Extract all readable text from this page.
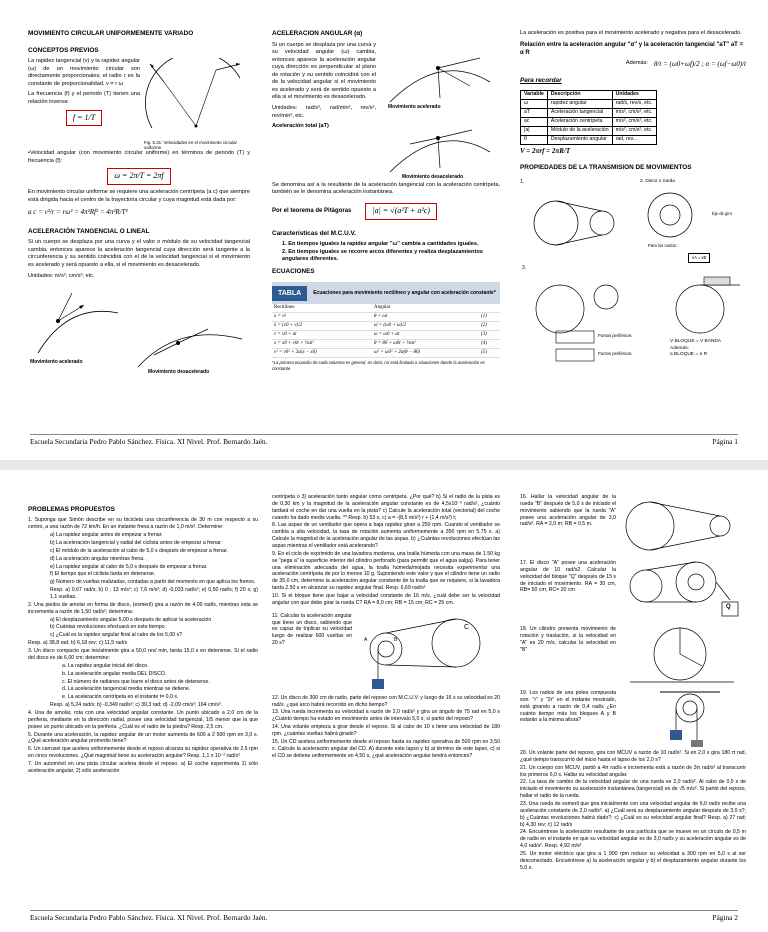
MOVIMIENTO CIRCULAR UNIFORMEMENTE VARIADO
CONCEPTOS PREVIOS
La rapidez tangencial (v) y la rapidez angular (ω) de un movimiento circular son directamente proporcionales; el radio r es la constante de proporcionalidad. v = r ω
La frecuencia (f) y el periodo (T) tienen una relación inversa:
f = 1/T
Fig. 5.21: Velocidades en el movimiento circular uniforme.
•Velocidad angular (con movimiento circular uniforme) en términos de periodo (T) y frecuencia (f):
ω = 2π/T = 2πf
En movimiento circular uniforme se requiere una aceleración centrípeta (a c) que siempre está dirigida hacia el centro de la trayectoria circular y cuya magnitud está dada por:
a c = v²/r = rω² = 4π²Rf² = 4π²R/T²
ACELERACIÓN TANGENCIAL O LINEAL
Si un cuerpo se desplaza por una curva y el valor o módulo de su velocidad tangencial cambia, entonces aparece la aceleración tangencial cuya dirección será tangente a la circunferencia y su sentido coincidirá con el de la velocidad tangencial si el movimiento es acelerado y será opuesto a ella, si el movimiento es desacelerado.
Unidades: m/s²; cm/s²; etc.
Movimiento acelerado
Movimiento desacelerado
ACELERACION ANGULAR (α)
Si un cuerpo se desplaza por una curva y su velocidad angular (ω) cambia, entonces aparece la aceleración angular cuya dirección es perpendicular al plano de rotación y su sentido coincidirá con el de la velocidad angular si el movimiento es acelerado y será de sentido opuesto a ella si el movimiento es desacelerado.
Unidades: rad/s², rad/min², rev/s², rev/min², etc.
Aceleración total (aT)
Movimiento acelerado
Movimiento desacelerado
Se denomina así a la resultante de la aceleración tangencial con la aceleración centrípeta, también se le denomina aceleración instantánea.
Por el teorema de Pitágoras	|a| = √(a²T + a²c)
Características del M.C.U.V.
1. En tiempos iguales la rapidez angular "ω" cambia a cantidades iguales.
2. En tiempos iguales se recorre arcos diferentes y realiza desplazamientos angulares diferentes.
ECUACIONES
TABLA	Ecuaciones para movimiento rectilíneo y angular con aceleración constante*
Rectilíneo	Angular	
x = vt	θ = ωt	(1)
x̄ = (v0 + v)/2	ω̄ = (ω0 + ω)/2	(2)
v = v0 + at	ω = ω0 + αt	(3)
x = x0 + v0t + ½at²	θ = θ0 + ω0t + ½αt²	(4)
v² = v0² + 2a(x − x0)	ω² = ω0² + 2α(θ − θ0)	(5)
*La primera ecuación de cada columna es general, es decir, no está limitada a situaciones donde la aceleración es constante.
La aceleración es positiva para el movimiento acelerado y negativa para el desacelerado.
Relación entre la aceleración angular "α" y la aceleración tangencial "aT" aT = α R
Además: θ/t = (ω0+ωf)/2 ; α = (ωf−ω0)/t
Para recordar
Variable	Descripción	Unidades
ω	rapidez angular	rad/s, rev/s, etc.
aT	Aceleración tangencial	m/s², cm/s², etc.
ac	Aceleración centrípeta	m/s², cm/s², etc.
|a|	Módulo de la aceleración	m/s², cm/s², etc.
θ	Desplazamiento angular	rad, rev...
V = 2πrf = 2πR/T
PROPIEDADES DE LA TRANSMISION DE MOVIMIENTOS
1.	2. Disco o rueda
Eje de giro
Para los nodos :
vA = vB
3.
Puntos periféricos
Puntos periféricos
V BLOQUE = V BANDA
Además:
a BLOQUE = α R
Escuela Secundaria Pedro Pablo Sánchez. Física. XI Nivel. Prof. Bernardo Jaén.	Página 1
PROBLEMAS PROPUESTOS
1. Suponga que Simón describe en su bicicleta una circunferencia de 30 m con respecto a su centro, a una razón de 72 km/h. En un instante frena a razón de 1,0 m/s². Determine:
a) La rapidez angular antes de empezar a frenar.
b) La aceleración tangencial y radial del ciclista antes de empezar a frenar.
c) El módulo de la aceleración al cabo de 5,0 s después de empezar a frenar.
d) La aceleración angular mientras frena.
e) La rapidez angular al cabo de 5,0 s después de empezar a frenar.
f) El tiempo que el ciclista tarda en detenerse.
g) Número de vueltas realizadas, contadas a partir del momento en que aplica los frenos.
Resp. a) 0,67 rad/s; b) 0 ; 13 m/s²; c) 7,6 m/s²; d) -0,033 rad/s²; e) 0,50 rad/s; f) 20 s; g) 1,1 vueltas.
2. Una piedra de amolar en forma de disco, (esmeril) gira a razón de 4,00 rad/s, mientras esta se incrementa a razón de 1,50 rad/s²; determina:
a) El desplazamiento angular 5,00 s después de aplicar la aceleración
b) Cuántas revoluciones efectuará en este tiempo.
c) ¿Cuál es la rapidez angular final al cabo de los 5,00 s?
Resp. a) 38,8 rad; b) 6,18 rev; c) 11,5 rad/s
3. Un disco compacto que inicialmente gira a 50,0 rev/ min, tarda 15,0 s en detenerse. Si el radio del disco es de 6,00 cm; determine:
a. La rapidez angular inicial del disco.
b. La aceleración angular media DEL DISCO.
c. El número de radianes que barre el disco antes de detenerse.
d. La aceleración tangencial media mientras se detiene.
e. La aceleración centrípeta en el instante t= 0,0 s.
Resp. a) 5,24 rad/s; b) -0,349 rad/s²; c) 39,3 rad; d) -2,09 cm/s²; 164 cm/s².
4. Una de amolar, rota con una velocidad angular constante. Un punto ubicado a 2,0 cm de la periferia, mediante en la dirección radial, posee una velocidad tangencial, 1/5 menor que la que posee un punto ubicado en la periferia. ¿Cuál es el radio de la piedra? Resp. 2,5 cm.
5. Durante una aceleración, la rapidez angular de un motor aumenta de 600 a 2 500 rpm en 3,0 s. ¿Qué aceleración angular promedio tiene?
6. Un carrusel que acelera uniformemente desde el reposo alcanza su rapidez operativa de 2.5 rpm en cinco revoluciones. ¿Qué magnitud tiene su aceleración angular? Resp. 1,1 x 10⁻² rad/s²
7. Un automóvil en una pista circular acelera desde el reposo. a) El coche experimenta 1) sólo aceleración angular, 2) sólo aceleración
centrípeta o 3) aceleración tanto angular como centrípeta. ¿Por qué? b) Si el radio de la pista es de 0,30 km y la magnitud de la aceleración angular constante es de 4,5x10⁻³ rad/s², ¿cuánto tardará el coche en dar una vuelta en la pista? c) Calcule la aceleración total (vectorial) del coche cuando ha dado media vuelta. ** Resp. b) 53 s, c) a = -(8,5 m/s²) r + (1,4 m/s²) t;
8. Las aspas de un ventilador que opera a baja rapidez giran a 250 rpm. Cuando el ventilador se cambia a alta velocidad, la tasa de rotación aumenta uniformemente a 350 rpm en 5.75 s. a) Calcule la magnitud de la aceleración angular de las aspas. b) ¿Cuántas revoluciones efectúan las aspas mientras el ventilador está acelerando?
9. En el ciclo de exprimido de una lavadora moderna, una toalla húmeda con una masa de 1.50 kg se "pega a" la superficie interior del cilindro perforado (para permitir que el agua salga). Para tener una eliminación adecuada del agua, la toalla húmeda/mojada necesita experimentar una aceleración centrípeta de por lo menos 10 g. Suponiendo este valor y que el cilindro tiene un radio de 35,0 cm, determine la aceleración angular constante de la toalla que se requiere, si la lavadora tarda 2.50 s en alcanzar su rapidez angular final. Resp. 6,69 rad/s²
10. Si el bloque tiene que bajar a velocidad constante de 16 m/s, ¿cuál debe ser la velocidad angular con que debe girar la rueda C? RA = 8,0 cm; RB = 15 cm; RC = 25 cm.
11. Calcular la aceleración angular que tiene un disco, sabiendo que es capaz de triplicar su velocidad luego de realizar 600 vueltas en 20 s?
A	B
C
12. Un disco de 300 cm de radio, parte del reposo con M.C.U.V. y luego de 16 s su velocidad es 20 rad/s. ¿qué arco habrá recorrido en dicho tiempo?
13. Una rueda incrementa su velocidad a razón de 2,0 rad/s² y gira un ángulo de 75 rad en 5,0 s ¿Cuánto tiempo ha estado en movimiento antes de intervalo 5,0 s; si partió del reposo?
14. Una volante empieza a girar desde el reposo. Si al cabo de 10 s tiene una velocidad de 180 rpm. ¿cuántas vueltas habrá girado?
15. Un CD acelera uniformemente desde el reposo hasta su rapidez operativa de 500 rpm en 3,50 s. Calcule la aceleración angular del CD. A) durante este lapso y b) al término de este lapso, c) si el CD se detiene uniformemente en 4,50 s, ¿qué aceleración angular tendrá entonces?
16. Hallar la velocidad angular de la rueda "B" después de 5,0 s de iniciado el movimiento sabiendo que la rueda "A" posee una aceleración angular de 3,0 rad/s². RA = 2,0 m; RB = 0,5 m.
17. El disco "A" posee una aceleración angular de 10 rad/s2. Calcular la velocidad del bloque "Q" después de 15 s de iniciado el movimiento. RA = 30 cm, RB= 50 cm; RC= 20 cm
Q
18. Un cilindro presenta movimiento de rotación y traslación, si la velocidad en "A" es 20 m/s, calcular la velocidad en "B"
19. Los radios de una polea compuesta son: "r" y "2r" en el instante mostrado, está girando a razón de 0,4 rad/s ¿En cuánto tiempo más los bloques A y B estarán a la misma altura?
20. Un volante parte del reposo, gira con MCUV a razón de 10 rad/s². Si en 2,0 s gira 180 π rad, ¿qué tiempo transcurrió del inicio hasta el lapso de los 2,0 s?
21. Un cuerpo con MCUV, partió a 4π rad/s e incrementa está a razón de 3π rad/s² al transcurrir los primeros 6,0 s. Hallar su velocidad angular.
22. La tasa de cambio de la velocidad angular de una rueda es 2,0 rad/s². Al cabo de 0,5 s de iniciado el movimiento su aceleración instantánea (tangencial) es de √5 m/s². Si partió del reposo, hallar el radio de la rueda.
23. Una rueda de esmeril que gira inicialmente con una velocidad angular de 6,0 rad/s recibe una aceleración constante de 2,0 rad/s². a) ¿Cuál será su desplazamiento angular después de 3,0 s?; b) ¿Cuántas revoluciones habrá dado?; c) ¿Cuál es su velocidad angular final? Resp. a) 27 rad; b) 4,30 rev; c) 12 rad/s
24. Encuéntrese la aceleración resultante de una partícula que se mueve en un círculo de 0,5 m de radio en el instante en que su velocidad angular es de 3,0 rad/s y su aceleración angular es de 4,0 rad/s². Resp. 4,92 m/s²
25. Un motor eléctrico que gira a 1 900 rpm reduce su velocidad a 300 rpm en 5,0 s al ser desconectado. Encuéntrese a) la aceleración angular y b) el desplazamiento angular durante los 5,0 s.
Escuela Secundaria Pedro Pablo Sánchez. Física. XI Nivel. Prof. Bernardo Jaén.	Página 2
